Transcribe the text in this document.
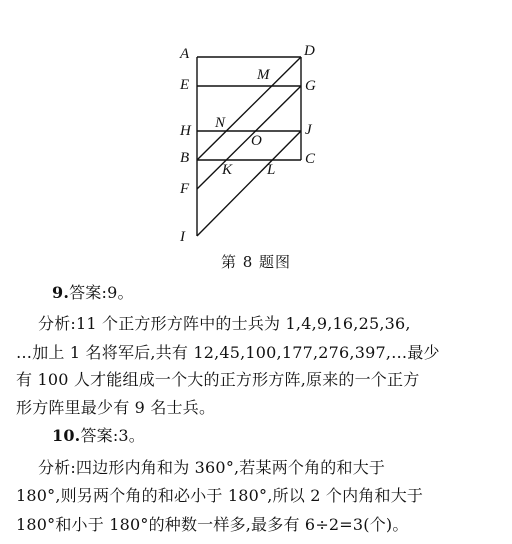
A	D
E
M
G
H N
O
J
B	C
K L
F
I
第 8 题图
9.答案:9。
分析:11 个正方形方阵中的士兵为 1,4,9,16,25,36,
…加上 1 名将军后,共有 12,45,100,177,276,397,…最少
有 100 人才能组成一个大的正方形方阵,原来的一个正方
形方阵里最少有 9 名士兵。
10.答案:3。
分析:四边形内角和为 360°,若某两个角的和大于
180°,则另两个角的和必小于 180°,所以 2 个内角和大于
180°和小于 180°的种数一样多,最多有 6÷2=3(个)。
